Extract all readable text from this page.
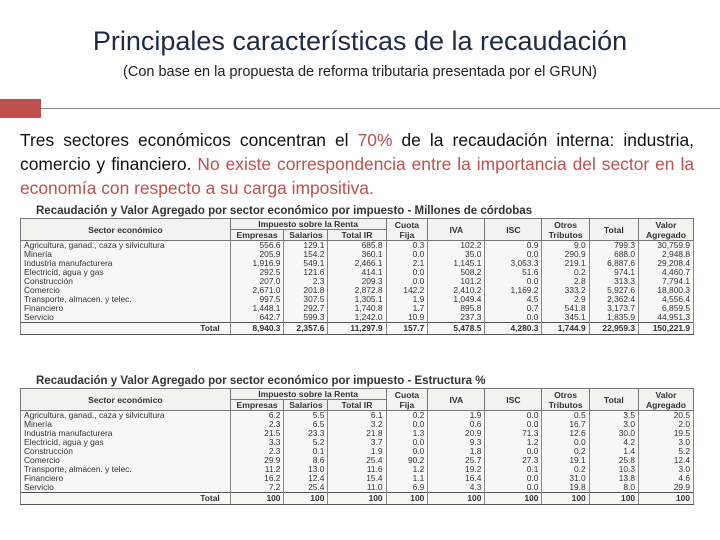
Principales características de la recaudación
(Con base en la propuesta de reforma tributaria presentada por el GRUN)
Tres sectores económicos concentran el 70% de la recaudación interna: industria, comercio y financiero. No existe correspondencia entre la importancia del sector en la economía con respecto a su carga impositiva.
Recaudación y Valor Agregado por sector económico por impuesto - Millones de córdobas
Sector económico	Impuesto sobre la Renta			Cuota Fija	IVA	ISC	Otros Tributos	Total	Valor Agregado
	Empresas	Salarios	Total IR						
Agricultura, ganad., caza y silvicultura	556.6	129.1	685.8	0.3	102.2	0.9	9.0	799.3	30,759.9
Minería	205.9	154.2	360.1	0.0	35.0	0.0	290.9	688.0	2,948.8
Industria manufacturera	1,916.9	549.1	2,466.1	2.1	1,145.1	3,053.3	219.1	6,887.6	29,208.4
Electricid, agua y gas	292.5	121.6	414.1	0.0	508.2	51.6	0.2	974.1	4,460.7
Construcción	207.0	2.3	209.3	0.0	101.2	0.0	2.8	313.3	7,794.1
Comercio	2,671.0	201.8	2,872.8	142.2	2,410.2	1,169.2	333.2	5,927.6	18,800.3
Transporte, almacen. y telec.	997.5	307.5	1,305.1	1.9	1,049.4	4.5	2.9	2,362.4	4,556.4
Financiero	1,448.1	292.7	1,740.8	1.7	895.8	0.7	541.8	3,173.7	6,859.5
Servicio	642.7	599.3	1,242.0	10.9	237.3	0.0	345.1	1,835.9	44,951.3
Total	8,940.3	2,357.6	11,297.9	157.7	5,478.5	4,280.3	1,744.9	22,959.3	150,221.9
Recaudación y Valor Agregado por sector económico por impuesto - Estructura %
Sector económico	Impuesto sobre la Renta			Cuota Fija	IVA	ISC	Otros Tributos	Total	Valor Agregado
	Empresas	Salarios	Total IR						
Agricultura, ganad., caza y silvicultura	6.2	5.5	6.1	0.2	1.9	0.0	0.5	3.5	20.5
Minería	2.3	6.5	3.2	0.0	0.6	0.0	16.7	3.0	2.0
Industria manufacturera	21.5	23.3	21.8	1.3	20.9	71.3	12.6	30.0	19.5
Electricid, agua y gas	3.3	5.2	3.7	0.0	9.3	1.2	0.0	4.2	3.0
Construcción	2.3	0.1	1.9	0.0	1.8	0.0	0.2	1.4	5.2
Comercio	29.9	8.6	25.4	90.2	25.7	27.3	19.1	25.8	12.4
Transporte, almacen. y telec.	11.2	13.0	11.6	1.2	19.2	0.1	0.2	10.3	3.0
Financiero	16.2	12.4	15.4	1.1	16.4	0.0	31.0	13.8	4.6
Servicio	7.2	25.4	11.0	6.9	4.3	0.0	19.8	8.0	29.9
Total	100	100	100	100	100	100	100	100	100
